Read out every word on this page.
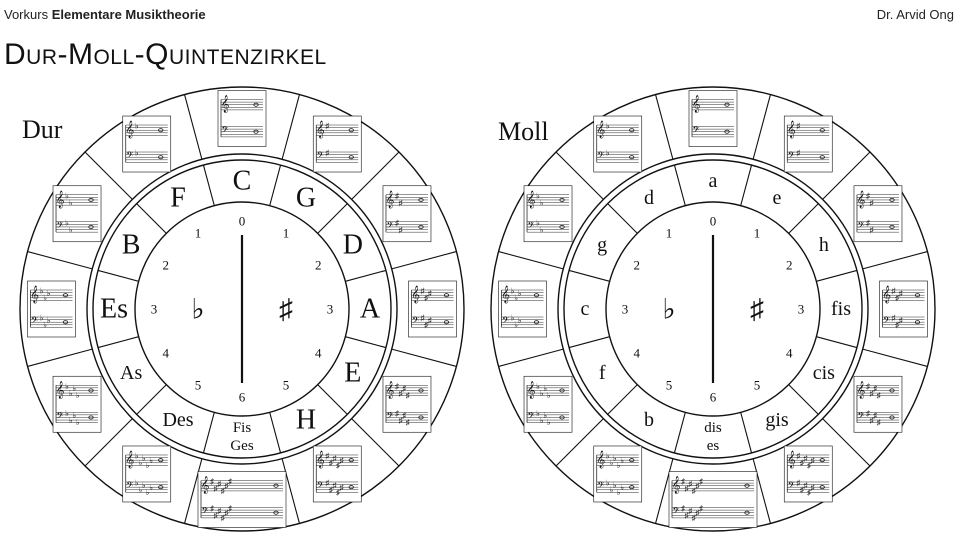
Vorkurs Elementare Musiktheorie	Dr. Arvid Ong
Dur-Moll-Quintenzirkel
𝄞
𝄢
C
0
𝄞 ♯
𝄢 ♯
G
1
𝄞 ♯
♯
𝄢 ♯
♯
D
2
𝄞 ♯
♯
♯
𝄢 ♯
♯
♯
A
3
𝄞 ♯
♯
♯
♯
𝄢 ♯
♯
♯
♯
E
4
𝄞 ♯
♯
♯
♯
♯
𝄢 ♯
♯
♯
♯
♯
H
5
𝄞 ♯
♯
♯
♯
♯
♯
𝄢 ♯
♯
♯
♯
♯
♯
Fis
Ges
6
𝄞 ♭
♭
♭
♭
♭
𝄢 ♭
♭
♭
♭
♭
Des
5
𝄞 ♭
♭
♭
♭
𝄢 ♭
♭
♭
♭
As
4
𝄞 ♭
♭
♭
𝄢 ♭
♭
♭ Es 3
𝄞 ♭
♭
𝄢 ♭
♭ B
2
𝄞 ♭
𝄢 ♭
F
1
♭	♯
Dur
𝄞
𝄢
a
0
𝄞 ♯
𝄢 ♯
e
1
𝄞 ♯
♯
𝄢 ♯
♯
h
2
𝄞 ♯
♯
♯
𝄢 ♯
♯
♯
fis
3
𝄞 ♯
♯
♯
♯
𝄢 ♯
♯
♯
♯
cis
4
𝄞 ♯
♯
♯
♯
♯
𝄢 ♯
♯
♯
♯
♯
gis
5
𝄞 ♯
♯
♯
♯
♯
♯
𝄢 ♯
♯
♯
♯
♯
♯
dis
es
6
𝄞 ♭
♭
♭
♭
♭
𝄢 ♭
♭
♭
♭
♭
b
5
𝄞 ♭
♭
♭
♭
𝄢 ♭
♭
♭
♭
f
4
𝄞 ♭
♭
♭
𝄢 ♭
♭
♭
c 3
𝄞 ♭
♭
𝄢 ♭
♭
g
2
𝄞 ♭
𝄢 ♭
d
1
♭	♯
Moll
